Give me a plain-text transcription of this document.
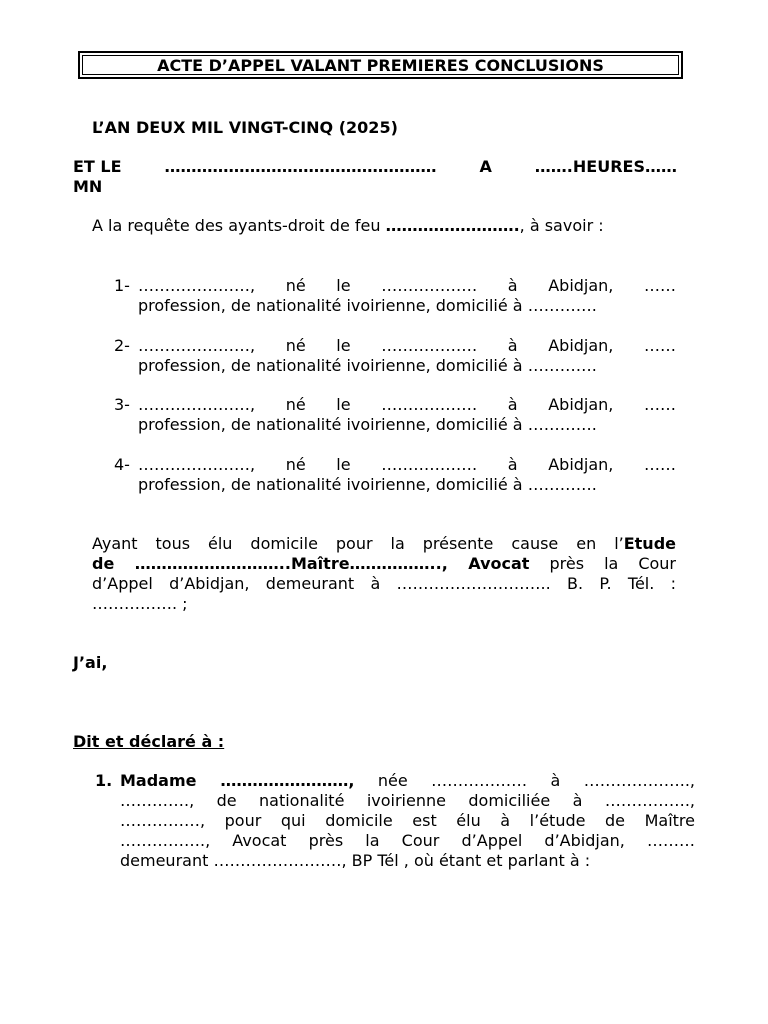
ACTE D’APPEL VALANT PREMIERES CONCLUSIONS
L’AN DEUX MIL VINGT-CINQ (2025)
ET LE	……………………………………………	A	…….HEURES……
MN
A la requête des ayants-droit de feu ……………………., à savoir :
1- …………………, né le ……………… à Abidjan, ……
profession, de nationalité ivoirienne, domicilié à ………….
2- …………………, né le ……………… à Abidjan, ……
profession, de nationalité ivoirienne, domicilié à ………….
3- …………………, né le ……………… à Abidjan, ……
profession, de nationalité ivoirienne, domicilié à ………….
4- …………………, né le ……………… à Abidjan, ……
profession, de nationalité ivoirienne, domicilié à ………….
Ayant tous élu domicile pour la présente cause en l’Etude
de ………………………..Maître…………….., Avocat près la Cour
d’Appel d’Abidjan, demeurant à ……………………….. B. P. Tél. :
……………. ;
J’ai,
Dit et déclaré à :
1. Madame ……………………, née ……………… à ………………..,
…………., de nationalité ivoirienne domiciliée à …………….,
……………, pour qui domicile est élu à l’étude de Maître
……………., Avocat près la Cour d’Appel d’Abidjan, ………
demeurant ……………………, BP Tél , où étant et parlant à :
